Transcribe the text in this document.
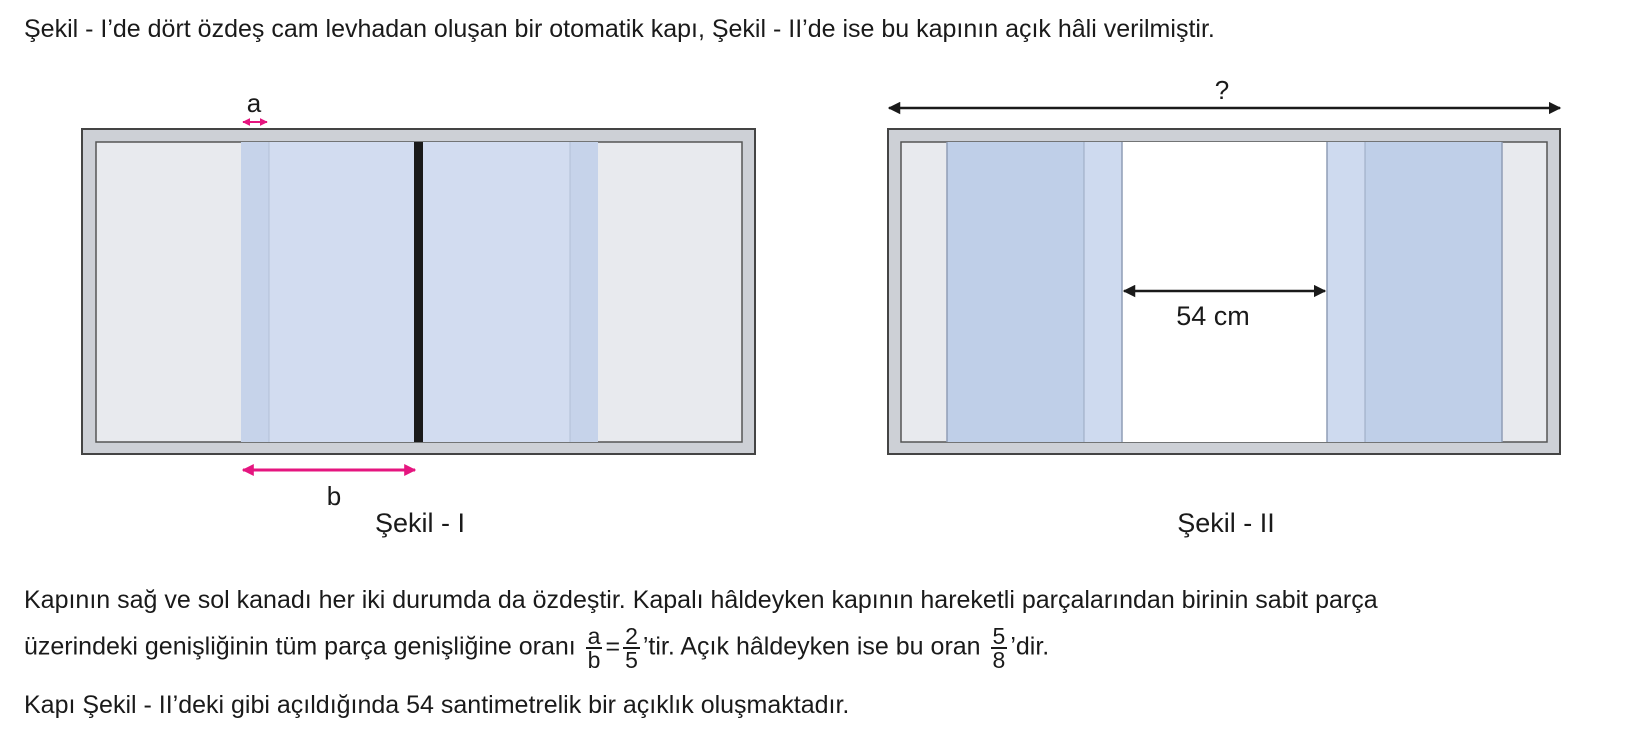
Şekil - I’de dört özdeş cam levhadan oluşan bir otomatik kapı, Şekil - II’de ise bu kapının açık hâli verilmiştir.
a
b
Şekil - I
?
54 cm
Şekil - II
Kapının sağ ve sol kanadı her iki durumda da özdeştir. Kapalı hâldeyken kapının hareketli parçalarından birinin sabit parça
üzerindeki genişliğinin tüm parça genişliğine oranı $\frac{a}{b} = \frac{2}{5}$ ’tir. Açık hâldeyken ise bu oran $\frac{5}{8}$ ’dir.
Kapı Şekil - II’deki gibi açıldığında 54 santimetrelik bir açıklık oluşmaktadır.
